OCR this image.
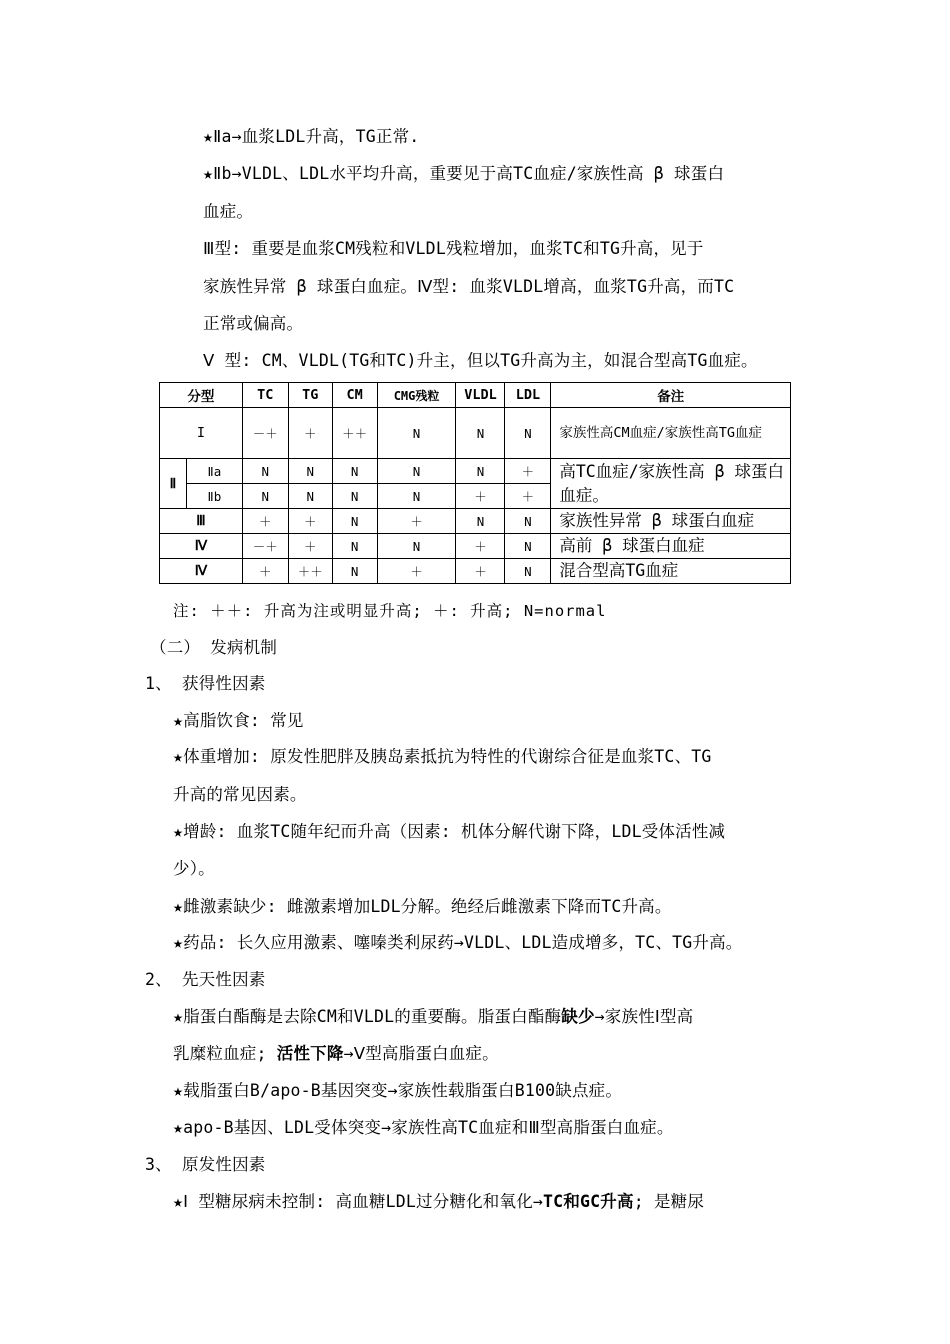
★Ⅱa→血浆LDL升高，TG正常.
★Ⅱb→VLDL、LDL水平均升高，重要见于高TC血症/家族性高 β 球蛋白
血症。
Ⅲ型: 重要是血浆CM残粒和VLDL残粒增加，血浆TC和TG升高，见于
家族性异常 β 球蛋白血症。Ⅳ型: 血浆VLDL增高，血浆TG升高，而TC
正常或偏高。
Ⅴ 型: CM、VLDL(TG和TC)升主，但以TG升高为主，如混合型高TG血症。
分型		TC	TG	CM	CMG残粒	VLDL	LDL	备注
I		－＋	＋	＋＋	N	N	N	家族性高CM血症/家族性高TG血症
Ⅱ	Ⅱa	N	N	N	N	N	＋	高TC血症/家族性高 β 球蛋白血症。
	Ⅱb	N	N	N	N	＋	＋	
Ⅲ		＋	＋	N	＋	N	N	家族性异常 β 球蛋白血症
Ⅳ		－＋	＋	N	N	＋	N	高前 β 球蛋白血症
Ⅳ		＋	＋＋	N	＋	＋	N	混合型高TG血症
注: ＋＋: 升高为注或明显升高; ＋: 升高; N=normal
（二） 发病机制
1、 获得性因素
★高脂饮食: 常见
★体重增加: 原发性肥胖及胰岛素抵抗为特性的代谢综合征是血浆TC、TG
升高的常见因素。
★增龄: 血浆TC随年纪而升高（因素: 机体分解代谢下降，LDL受体活性减
少）。
★雌激素缺少: 雌激素增加LDL分解。绝经后雌激素下降而TC升高。
★药品: 长久应用激素、噻嗪类利尿药→VLDL、LDL造成增多，TC、TG升高。
2、 先天性因素
★脂蛋白酯酶是去除CM和VLDL的重要酶。脂蛋白酯酶缺少→家族性Ⅰ型高
乳糜粒血症; 活性下降→Ⅴ型高脂蛋白血症。
★载脂蛋白B/apo-B基因突变→家族性载脂蛋白B100缺点症。
★apo-B基因、LDL受体突变→家族性高TC血症和Ⅲ型高脂蛋白血症。
3、 原发性因素
★Ⅰ 型糖尿病未控制: 高血糖LDL过分糖化和氧化→TC和GC升高; 是糖尿
